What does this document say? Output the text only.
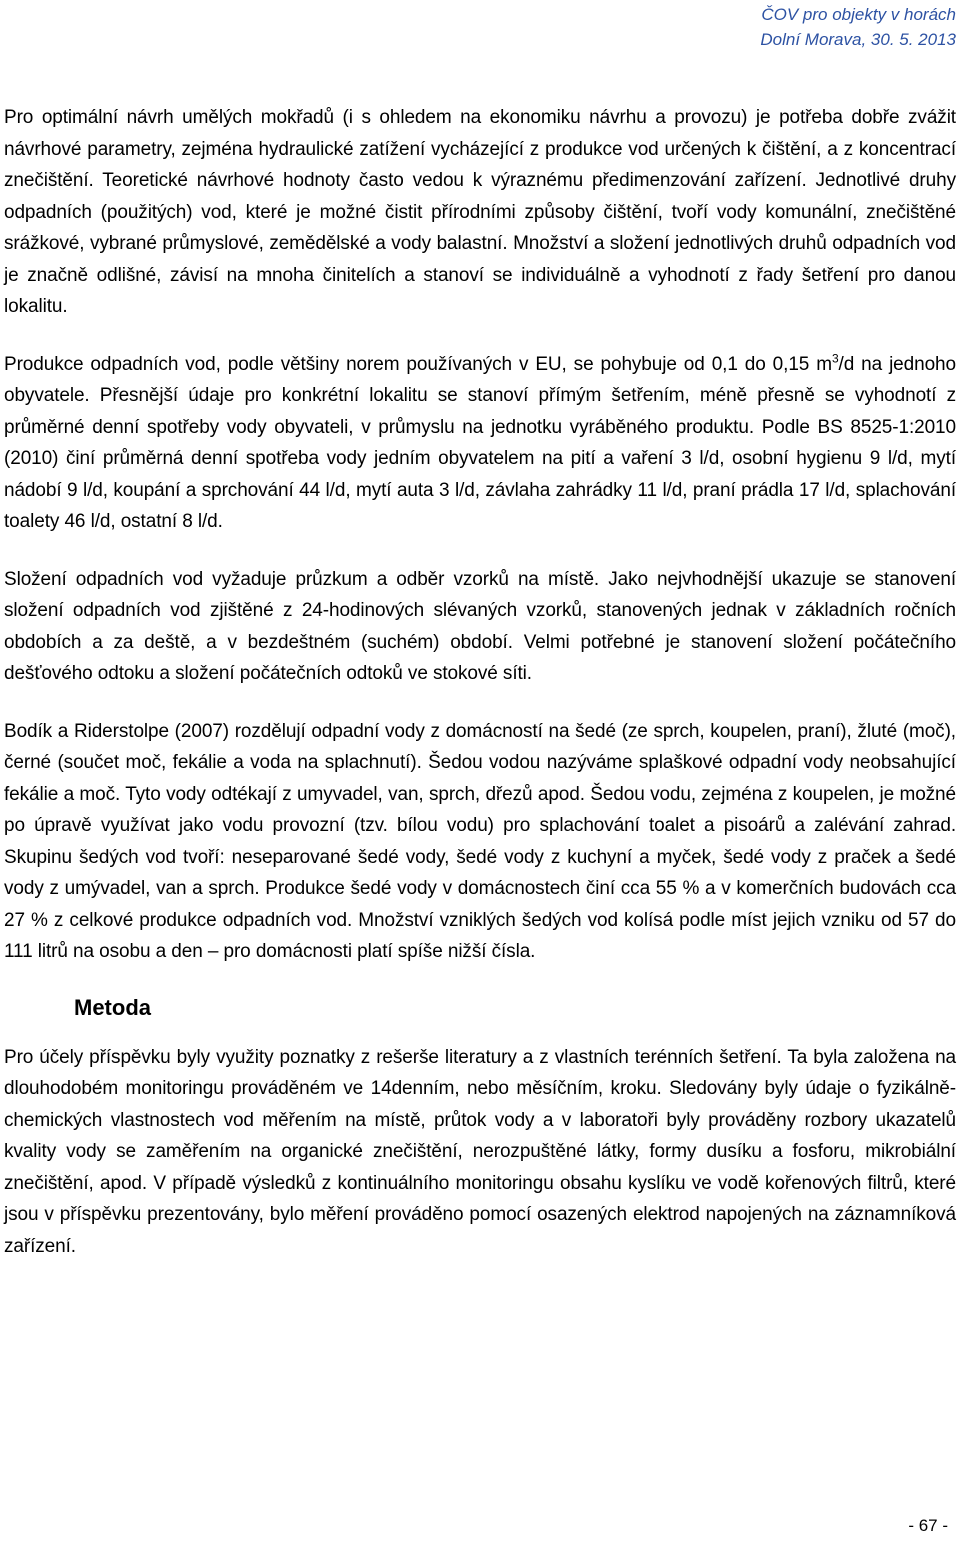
ČOV pro objekty v horách
Dolní Morava, 30. 5. 2013

Pro optimální návrh umělých mokřadů (i s ohledem na ekonomiku návrhu a provozu) je potřeba dobře zvážit návrhové parametry, zejména hydraulické zatížení vycházející z produkce vod určených k čištění, a z koncentrací znečištění. Teoretické návrhové hodnoty často vedou k výraznému předimenzování zařízení. Jednotlivé druhy odpadních (použitých) vod, které je možné čistit přírodními způsoby čištění, tvoří vody komunální, znečištěné srážkové, vybrané průmyslové, zemědělské a vody balastní. Množství a složení jednotlivých druhů odpadních vod je značně odlišné, závisí na mnoha činitelích a stanoví se individuálně a vyhodnotí z řady šetření pro danou lokalitu.

Produkce odpadních vod, podle většiny norem používaných v EU, se pohybuje od 0,1 do 0,15 $m^3/d$ na jednoho obyvatele. Přesnější údaje pro konkrétní lokalitu se stanoví přímým šetřením, méně přesně se vyhodnotí z průměrné denní spotřeby vody obyvateli, v průmyslu na jednotku vyráběného produktu. Podle BS 8525-1:2010 (2010) činí průměrná denní spotřeba vody jedním obyvatelem na pití a vaření 3 l/d, osobní hygienu 9 l/d, mytí nádobí 9 l/d, koupání a sprchování 44 l/d, mytí auta 3 l/d, závlaha zahrádky 11 l/d, praní prádla 17 l/d, splachování toalety 46 l/d, ostatní 8 l/d.

Složení odpadních vod vyžaduje průzkum a odběr vzorků na místě. Jako nejvhodnější ukazuje se stanovení složení odpadních vod zjištěné z 24-hodinových slévaných vzorků, stanovených jednak v základních ročních obdobích a za deště, a v bezdeštném (suchém) období. Velmi potřebné je stanovení složení počátečního dešťového odtoku a složení počátečních odtoků ve stokové síti.

Bodík a Riderstolpe (2007) rozdělují odpadní vody z domácností na šedé (ze sprch, koupelen, praní), žluté (moč), černé (součet moč, fekálie a voda na splachnutí). Šedou vodou nazýváme splaškové odpadní vody neobsahující fekálie a moč. Tyto vody odtékají z umyvadel, van, sprch, dřezů apod. Šedou vodu, zejména z koupelen, je možné po úpravě využívat jako vodu provozní (tzv. bílou vodu) pro splachování toalet a pisoárů a zalévání zahrad. Skupinu šedých vod tvoří: neseparované šedé vody, šedé vody z kuchyní a myček, šedé vody z praček a šedé vody z umývadel, van a sprch. Produkce šedé vody v domácnostech činí cca 55 % a v komerčních budovách cca 27 % z celkové produkce odpadních vod. Množství vzniklých šedých vod kolísá podle míst jejich vzniku od 57 do 111 litrů na osobu a den – pro domácnosti platí spíše nižší čísla.

Metoda

Pro účely příspěvku byly využity poznatky z rešerše literatury a z vlastních terénních šetření. Ta byla založena na dlouhodobém monitoringu prováděném ve 14denním, nebo měsíčním, kroku. Sledovány byly údaje o fyzikálně-chemických vlastnostech vod měřením na místě, průtok vody a v laboratoři byly prováděny rozbory ukazatelů kvality vody se zaměřením na organické znečištění, nerozpuštěné látky, formy dusíku a fosforu, mikrobiální znečištění, apod. V případě výsledků z kontinuálního monitoringu obsahu kyslíku ve vodě kořenových filtrů, které jsou v příspěvku prezentovány, bylo měření prováděno pomocí osazených elektrod napojených na záznamníková zařízení.

- 67 -
